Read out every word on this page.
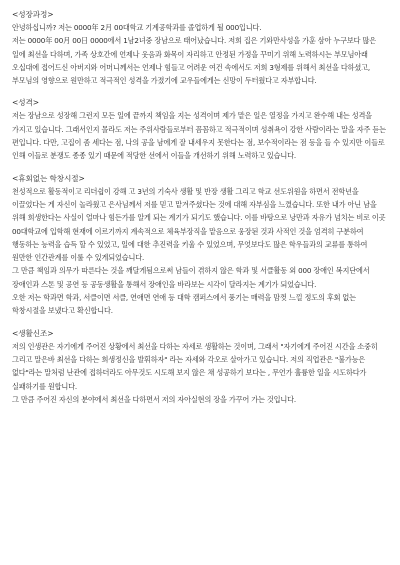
<성장과정>

안녕하십니까? 저는 0000年 2月 00대학교 기계공학과를 졸업하게 될 000입니다.

저는 0000年 00月 00日 0000에서 1남2녀중 장남으로 태어났습니다. 저희 집은 기와만사성을 가훈 삼아 누구보다 많은 일에 최선을 다하며, 가족 상호간에 언제나 웃음과 화목이 자리하고 안정된 가정을 꾸미기 위해 노력하시는 부모님아래 오십대에 접어드신 아버지와 어머니께서는 언제나 힘들고 어려운 여건 속에서도 저희 3형제를 위해서 최선을 다하셨고, 부모님의 영향으로 원만하고 적극적인 성격을 가졌기에 교우들에게는 신망이 두터웠다고 자부합니다.

<성격>

저는 장남으로 성장해 그런지 모든 일에 끝까지 책임을 지는 성격이며 제가 맡은 일은 열정을 가지고 완수해 내는 성격을 가지고 있습니다. 그래서인지 몰라도 저는 주위사람들로부터 꼼꼼하고 적극적이며 성취욕이 강한 사람이라는 말을 자주 듣는 편입니다. 다만, 고집이 좀 세다는 점, 나의 공을 남에게 잘 내세우지 못한다는 점, 보수적이라는 점 등을 들 수 있지만 이들로 인해 이들로 분쟁도 종종 있기 때문에 적당한 선에서 이들을 개선하기 위해 노력하고 있습니다.

<휴회없는 학창시절>

천성적으로 활동적이고 리더쉽이 강해 고 3년의 기숙사 생활 및 반장 생활 그리고 학교 선도위원을 하면서 전학년을 이끌었다는 게 자신이 놀라웠고 은사님께서 저를 믿고 맡겨주셨다는 것에 대해 자부심을 느꼈습니다. 또한 내가 아닌 남을 위해 희생한다는 사실이 얼마나 힘든가를 알게 되는 계기가 되기도 했습니다. 이를 바탕으로 낭만과 자유가 넘치는 비로 이곳 00대학교에 입학해 현재에 이르기까지 계속적으로 체육부장직을 맡음으로 웅장된 것과 사적인 것을 엄격히 구분하여 행동하는 능력을 습득 할 수 있었고, 일에 대한 추진력을 키울 수 있었으며, 무엇보다도 많은 학우들과의 교류를 통하여 원만한 인간관계를 이룰 수 있게되었습니다.

그 만큼 책임과 의무가 따른다는 것을 깨달게됨으로써 남들이 겪하지 않은 학과 및 서클활동 외 000 장애인 복지단에서 장애인과 스톤 및 공연 등 공동생활을 통해서 장애인을 바라보는 시각이 달라지는 계기가 되었습니다.

오한 저는 학과면 학과, 서클이면 서클, 연애면 연애 등 대학 캠퍼스에서 풍기는 매력을 맘껏 느낄 정도의 후회 없는 학창시절을 보냈다고 확신합니다.

<생활신조>

저의 인생관은 자기에게 주어진 상황에서 최선을 다하는 자세로 생활하는 것이며, 그래서 "자기에게 주어진 시간을 소중히 그리고 말은바 최선을 다하는 희생정신을 발휘하자" 라는 자세와 각오로 살아가고 있습니다. 저의 직업관은 "불가능은 없다"라는 말처럼 난관에 접하더라도 아무것도 시도해 보지 않은 채 성공하기 보다는 , 무언가 훌륭한 일을 시도하다가 실패하기를 원합니다.

그 만큼 주어진 자신의 분야에서 최선을 다하면서 저의 자아실현의 장을 가꾸어 가는 것입니다.
